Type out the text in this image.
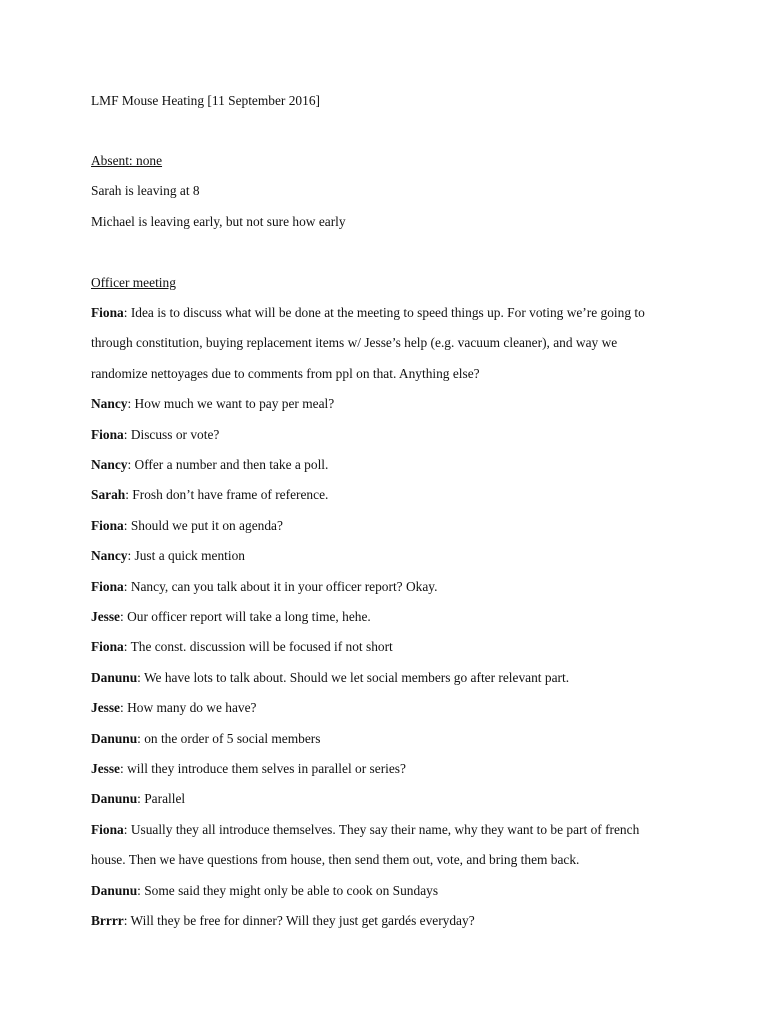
LMF Mouse Heating [11 September 2016]
Absent: none
Sarah is leaving at 8
Michael is leaving early, but not sure how early
Officer meeting
Fiona: Idea is to discuss what will be done at the meeting to speed things up. For voting we’re going to
through constitution, buying replacement items w/ Jesse’s help (e.g. vacuum cleaner), and way we
randomize nettoyages due to comments from ppl on that. Anything else?
Nancy: How much we want to pay per meal?
Fiona: Discuss or vote?
Nancy: Offer a number and then take a poll.
Sarah: Frosh don’t have frame of reference.
Fiona: Should we put it on agenda?
Nancy: Just a quick mention
Fiona: Nancy, can you talk about it in your officer report? Okay.
Jesse: Our officer report will take a long time, hehe.
Fiona: The const. discussion will be focused if not short
Danunu: We have lots to talk about. Should we let social members go after relevant part.
Jesse: How many do we have?
Danunu: on the order of 5 social members
Jesse: will they introduce them selves in parallel or series?
Danunu: Parallel
Fiona: Usually they all introduce themselves. They say their name, why they want to be part of french
house. Then we have questions from house, then send them out, vote, and bring them back.
Danunu: Some said they might only be able to cook on Sundays
Brrrr: Will they be free for dinner? Will they just get gardés everyday?
